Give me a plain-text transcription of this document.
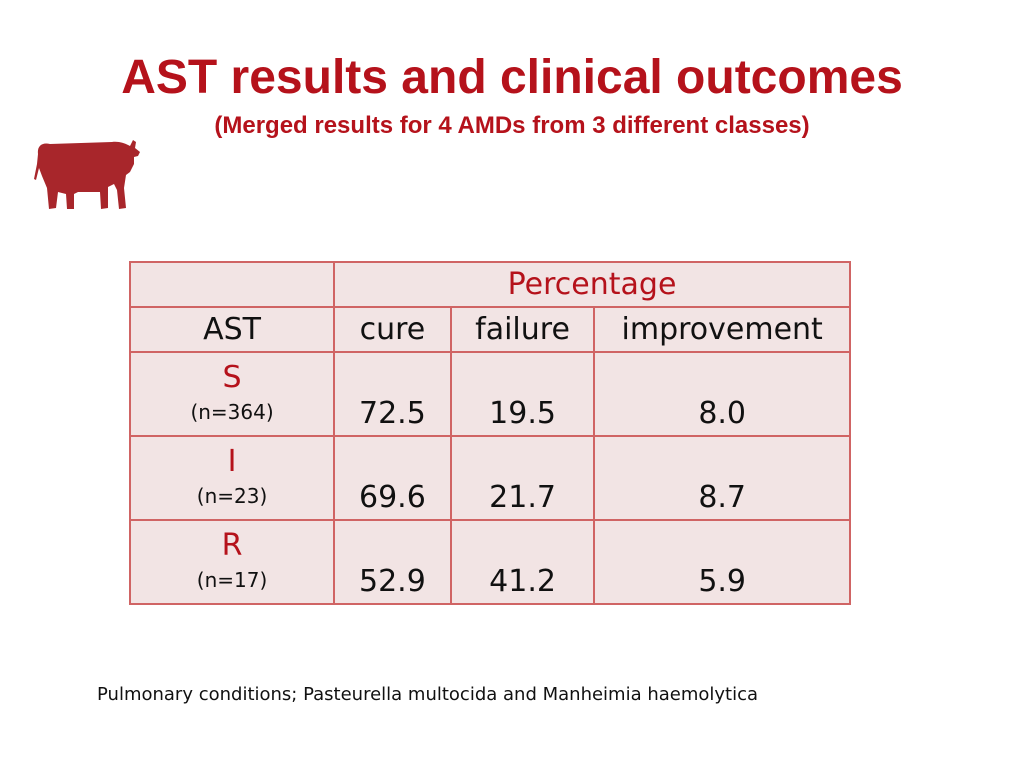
AST results and clinical outcomes
(Merged results for 4 AMDs from 3 different classes)
	Percentage		
AST	cure	failure	improvement

S
(n=364)	72.5	19.5	8.0

I
(n=23)	69.6	21.7	8.7

R
(n=17)	52.9	41.2	5.9
Pulmonary conditions; Pasteurella multocida and Manheimia haemolytica
